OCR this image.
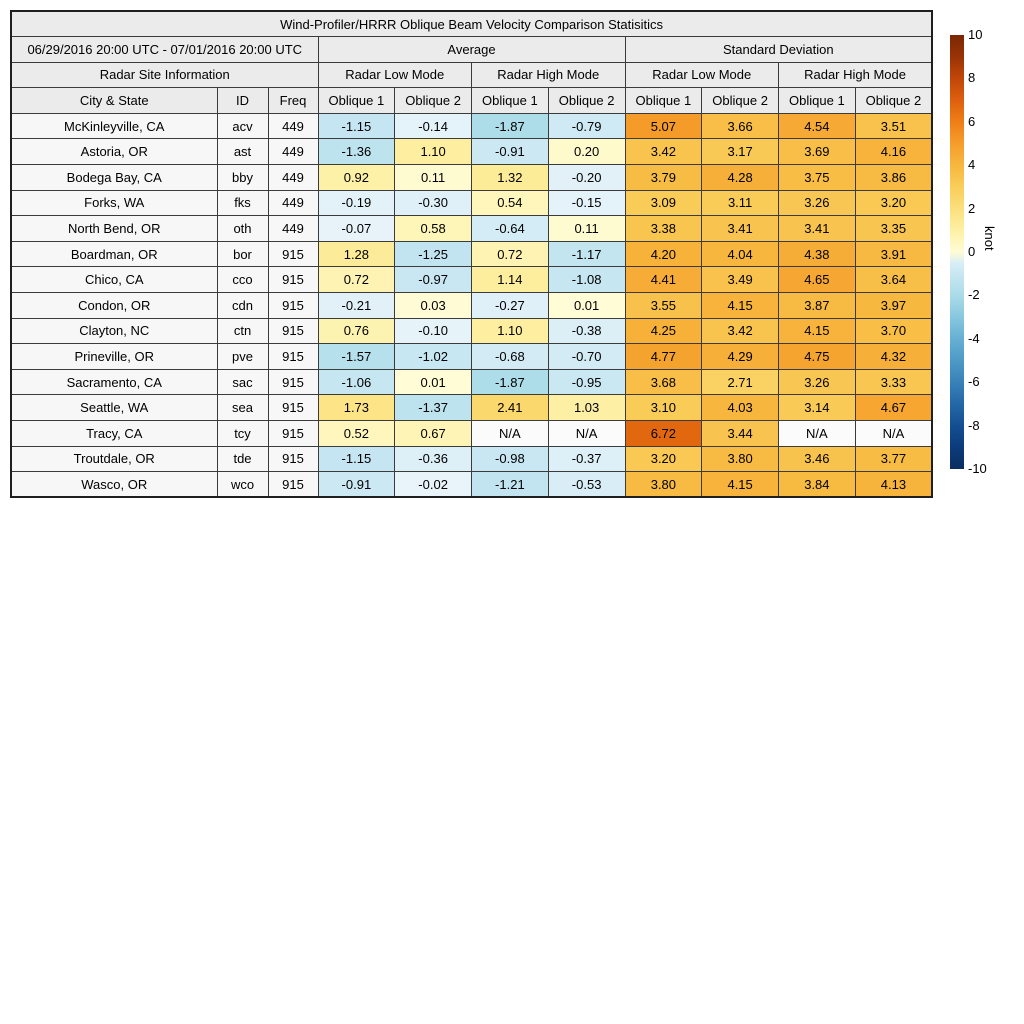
Wind-Profiler/HRRR Oblique Beam Velocity Comparison Statisitics										
06/29/2016 20:00 UTC - 07/01/2016 20:00 UTC			Average				Standard Deviation			
Radar Site Information			Radar Low Mode		Radar High Mode		Radar Low Mode		Radar High Mode	
City & State	ID	Freq	Oblique 1	Oblique 2	Oblique 1	Oblique 2	Oblique 1	Oblique 2	Oblique 1	Oblique 2
McKinleyville, CA	acv	449	-1.15	-0.14	-1.87	-0.79	5.07	3.66	4.54	3.51
Astoria, OR	ast	449	-1.36	1.10	-0.91	0.20	3.42	3.17	3.69	4.16
Bodega Bay, CA	bby	449	0.92	0.11	1.32	-0.20	3.79	4.28	3.75	3.86
Forks, WA	fks	449	-0.19	-0.30	0.54	-0.15	3.09	3.11	3.26	3.20
North Bend, OR	oth	449	-0.07	0.58	-0.64	0.11	3.38	3.41	3.41	3.35
Boardman, OR	bor	915	1.28	-1.25	0.72	-1.17	4.20	4.04	4.38	3.91
Chico, CA	cco	915	0.72	-0.97	1.14	-1.08	4.41	3.49	4.65	3.64
Condon, OR	cdn	915	-0.21	0.03	-0.27	0.01	3.55	4.15	3.87	3.97
Clayton, NC	ctn	915	0.76	-0.10	1.10	-0.38	4.25	3.42	4.15	3.70
Prineville, OR	pve	915	-1.57	-1.02	-0.68	-0.70	4.77	4.29	4.75	4.32
Sacramento, CA	sac	915	-1.06	0.01	-1.87	-0.95	3.68	2.71	3.26	3.33
Seattle, WA	sea	915	1.73	-1.37	2.41	1.03	3.10	4.03	3.14	4.67
Tracy, CA	tcy	915	0.52	0.67	N/A	N/A	6.72	3.44	N/A	N/A
Troutdale, OR	tde	915	-1.15	-0.36	-0.98	-0.37	3.20	3.80	3.46	3.77
Wasco, OR	wco	915	-0.91	-0.02	-1.21	-0.53	3.80	4.15	3.84	4.13
10
8
6
4
2
0
-2
-4
-6
-8
-10
knot
